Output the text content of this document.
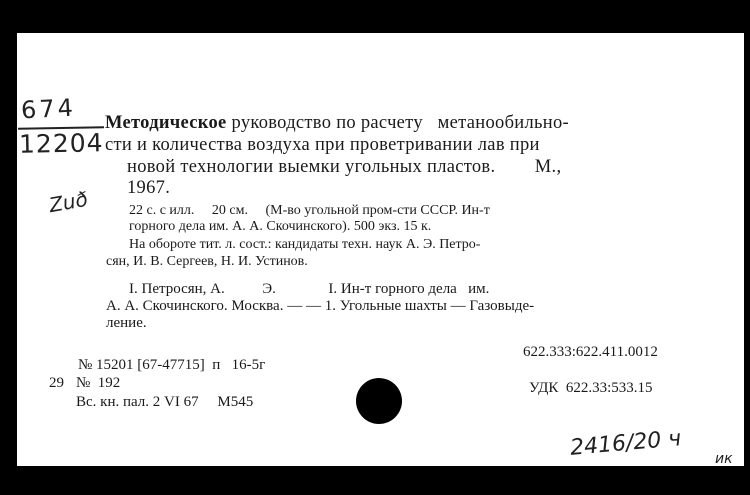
674
12204
Zuð
Методическое руководство по расчету   метанообильно-
сти и количества воздуха при проветривании лав при
новой технологии выемки угольных пластов.        М.,
1967.
22 с. с илл.     20 см.     (М-во угольной пром-сти СССР. Ин-т
горного дела им. А. А. Скочинского). 500 экз. 15 к.
На обороте тит. л. сост.: кандидаты техн. наук А. Э. Петро-
сян, И. В. Сергеев, Н. И. Устинов.
I. Петросян, А.          Э.              I. Ин-т горного дела   им.
А. А. Скочинского. Москва. — — 1. Угольные шахты — Газовыде-
ление.
622.333:622.411.0012
№ 15201 [67-47715]  п   16-5г
29 №  192
Вс. кн. пал. 2 VI 67     М545
УДК  622.33:533.15
2416/20 ч ик
